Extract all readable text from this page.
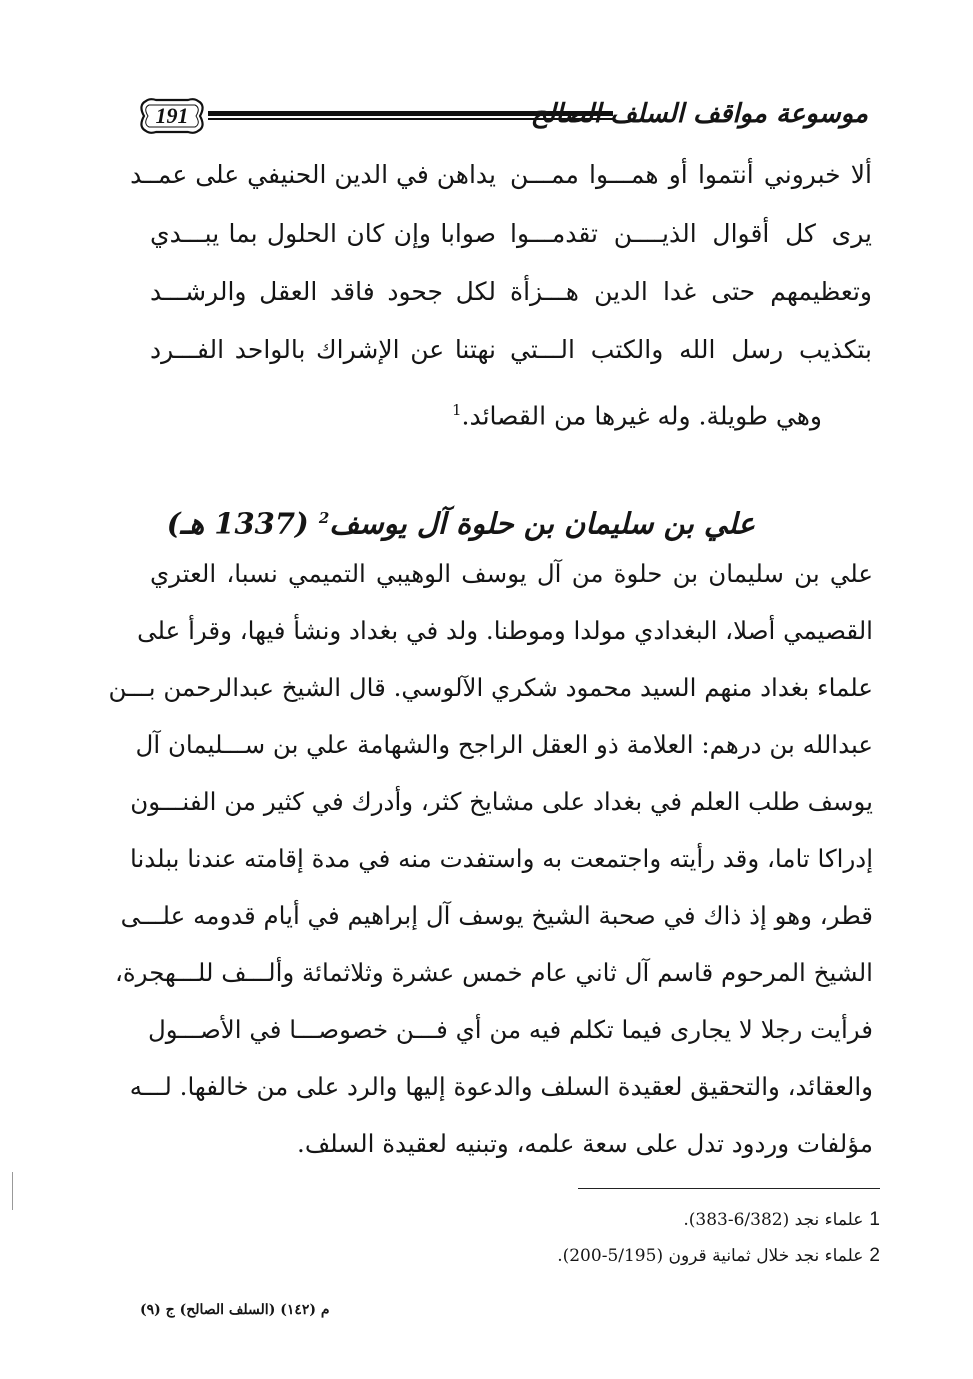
191	موسوعة مواقف السلف الصالح
ألا خبروني أنتموا أو همـــوا ممـــن
يداهن في الدين الحنيفي على عمــد
يرى كل أقوال الذيــــن تقدمـــوا
صوابا وإن كان الحلول بما يبـــدي
وتعظيمهم حتى غدا الدين هـــزأة
لكل جحود فاقد العقل والرشـــد
بتكذيب رسل الله والكتب الـــتي
نهتنا عن الإشراك بالواحد الفـــرد
وهي طويلة. وله غيرها من القصائد.$^1$
علي بن سليمان بن حلوة آل يوسف$^2$ (1337 هـ)
علي بن سليمان بن حلوة من آل يوسف الوهيبي التميمي نسبا، العتري
القصيمي أصلا، البغدادي مولدا وموطنا. ولد في بغداد ونشأ فيها، وقرأ على
علماء بغداد منهم السيد محمود شكري الآلوسي. قال الشيخ عبدالرحمن بـــن
عبدالله بن درهم: العلامة ذو العقل الراجح والشهامة علي بن ســـليمان آل
يوسف طلب العلم في بغداد على مشايخ كثر، وأدرك في كثير من الفنـــون
إدراكا تاما، وقد رأيته واجتمعت به واستفدت منه في مدة إقامته عندنا ببلدنا
قطر، وهو إذ ذاك في صحبة الشيخ يوسف آل إبراهيم في أيام قدومه علـــى
الشيخ المرحوم قاسم آل ثاني عام خمس عشرة وثلاثمائة وألـــف للـــهجرة،
فرأيت رجلا لا يجارى فيما تكلم فيه من أي فـــن خصوصـــا في الأصـــول
والعقائد، والتحقيق لعقيدة السلف والدعوة إليها والرد على من خالفها. لـــه
مؤلفات وردود تدل على سعة علمه، وتبنيه لعقيدة السلف.
1علماء نجد (6/382-383).
2علماء نجد خلال ثمانية قرون (5/195-200).
م (١٤٢) (السلف الصالح) ج (٩)
